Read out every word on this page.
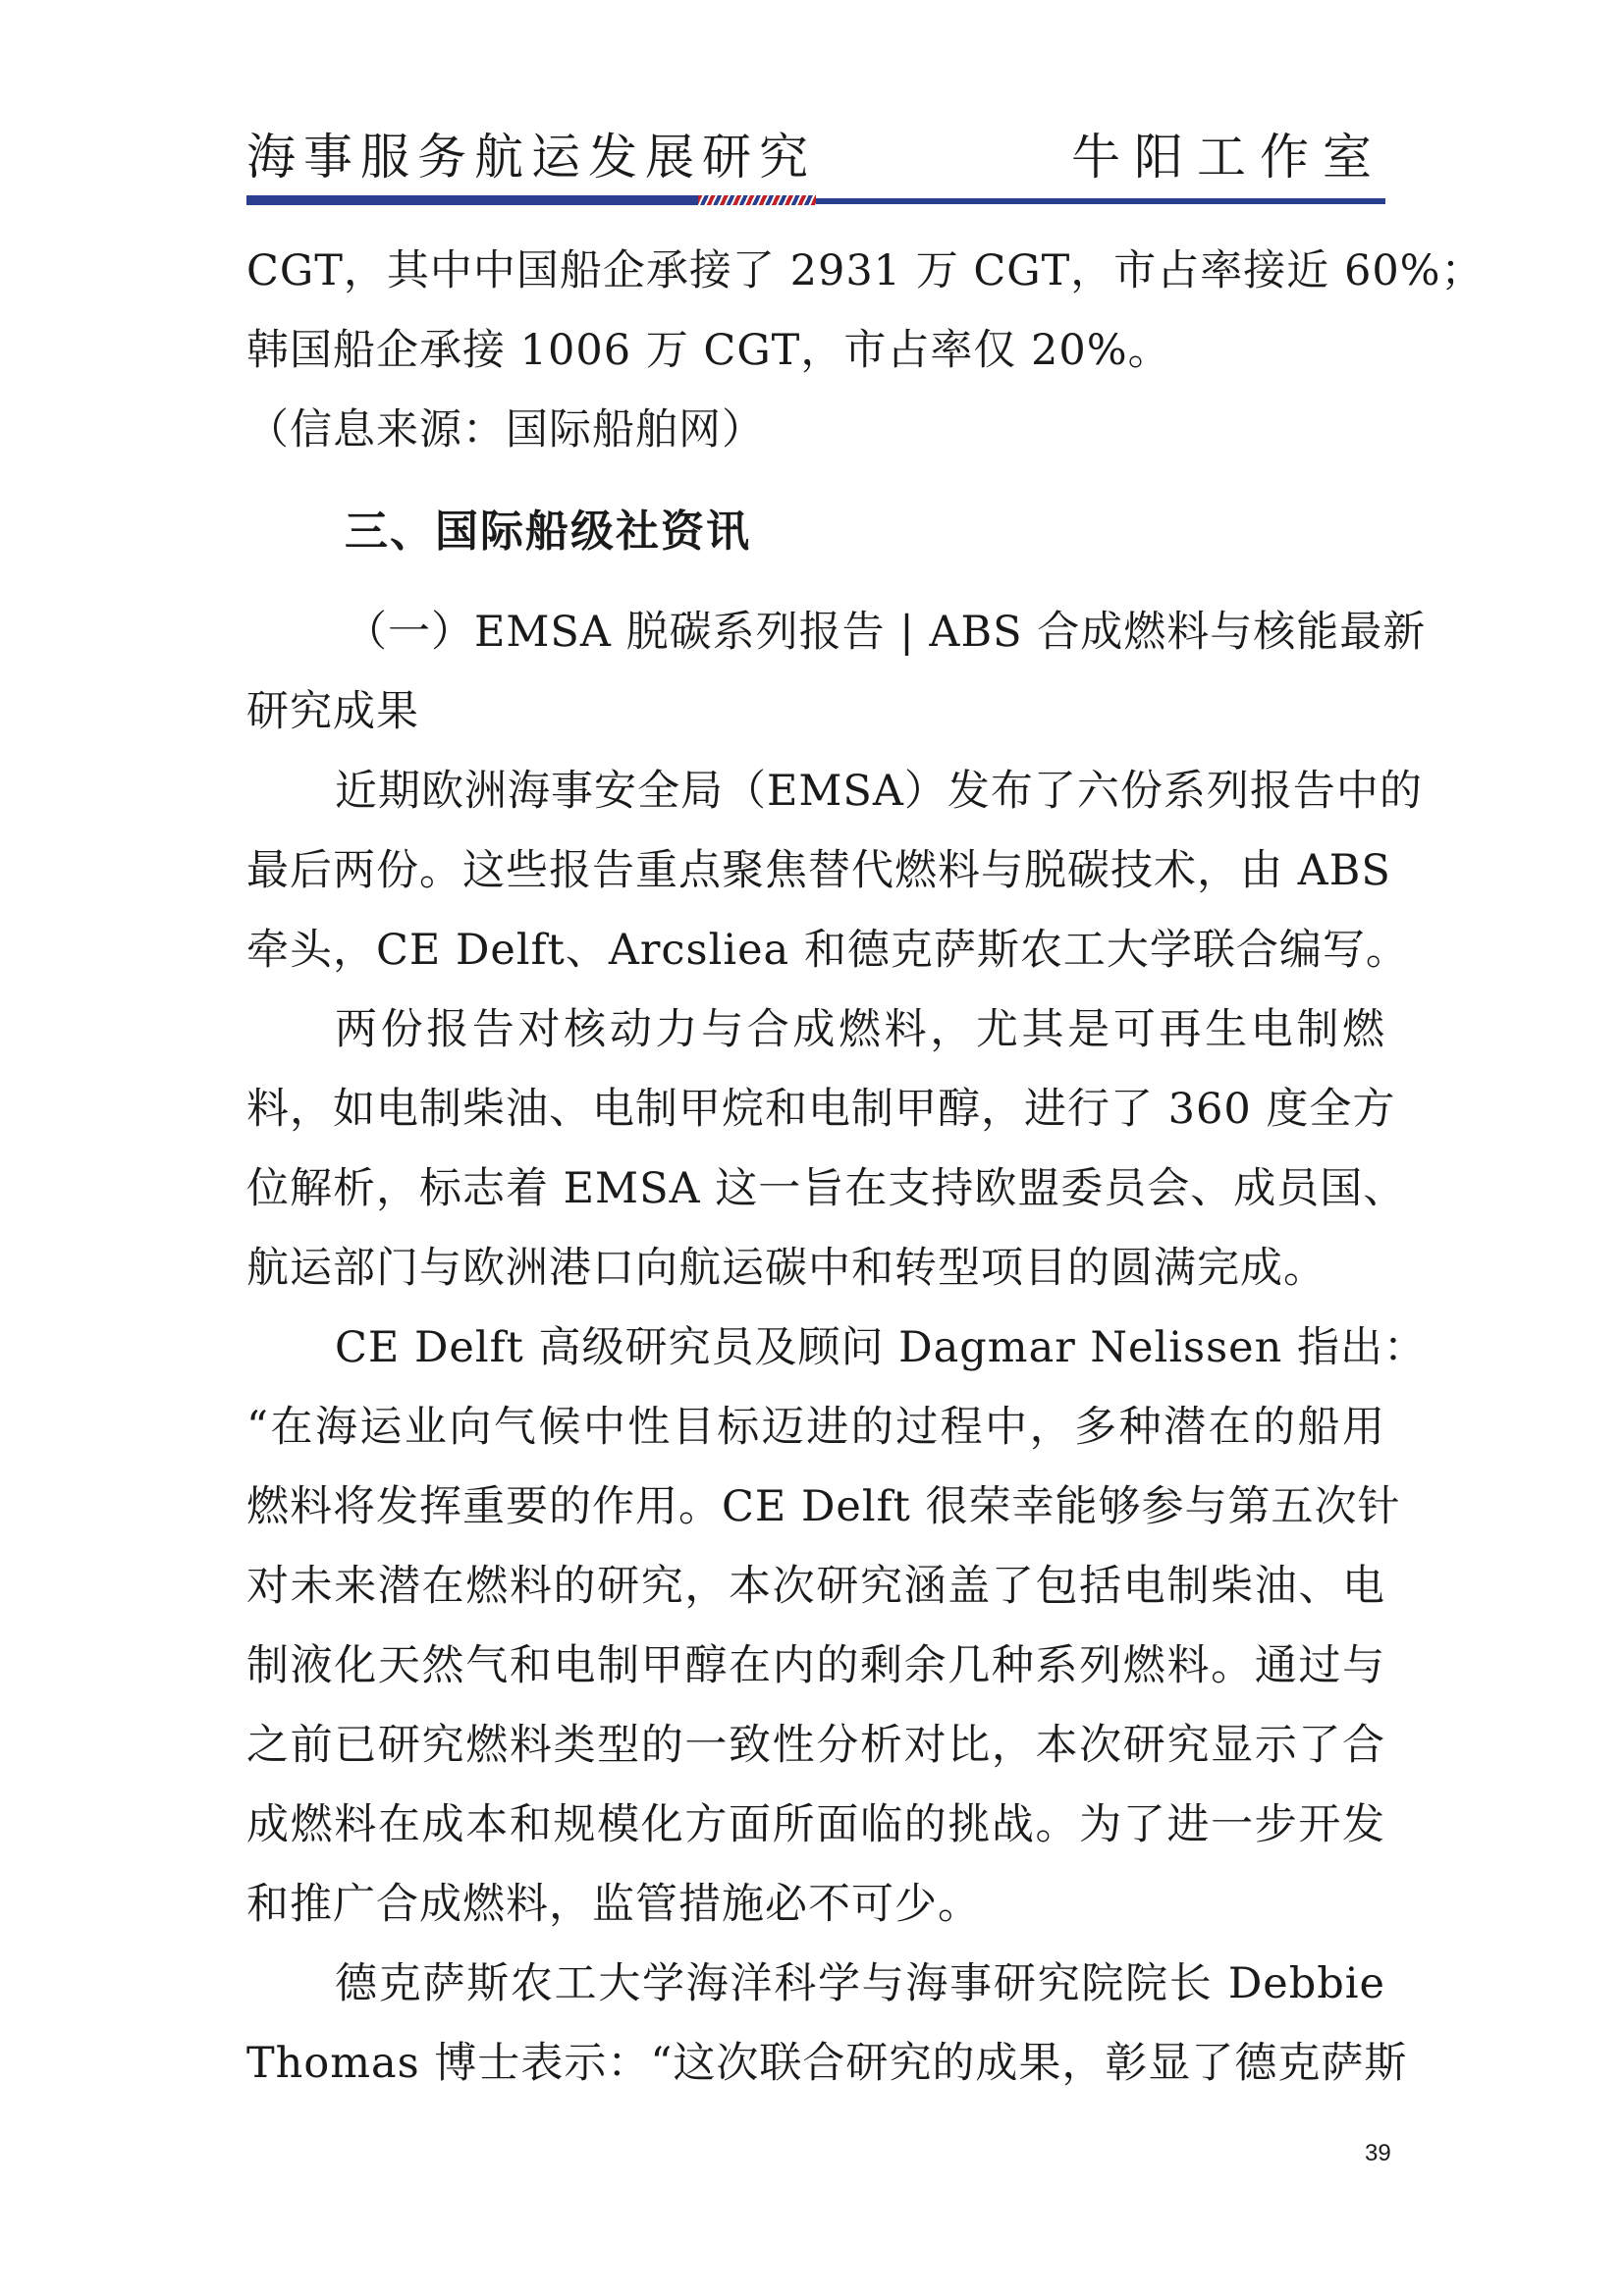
海事服务航运发展研究	牛阳工作室
CGT，其中中国船企承接了 2931 万 CGT，市占率接近 60%；
韩国船企承接 1006 万 CGT，市占率仅 20%。
（信息来源：国际船舶网）
三、国际船级社资讯
（一）EMSA 脱碳系列报告 | ABS 合成燃料与核能最新
研究成果
近期欧洲海事安全局（EMSA）发布了六份系列报告中的
最后两份。这些报告重点聚焦替代燃料与脱碳技术，由 ABS
牵头，CE Delft、Arcsliea 和德克萨斯农工大学联合编写。
两份报告对核动力与合成燃料，尤其是可再生电制燃
料，如电制柴油、电制甲烷和电制甲醇，进行了 360 度全方
位解析，标志着 EMSA 这一旨在支持欧盟委员会、成员国、
航运部门与欧洲港口向航运碳中和转型项目的圆满完成。
CE Delft 高级研究员及顾问 Dagmar Nelissen 指出：
“在海运业向气候中性目标迈进的过程中，多种潜在的船用
燃料将发挥重要的作用。CE Delft 很荣幸能够参与第五次针
对未来潜在燃料的研究，本次研究涵盖了包括电制柴油、电
制液化天然气和电制甲醇在内的剩余几种系列燃料。通过与
之前已研究燃料类型的一致性分析对比，本次研究显示了合
成燃料在成本和规模化方面所面临的挑战。为了进一步开发
和推广合成燃料，监管措施必不可少。
德克萨斯农工大学海洋科学与海事研究院院长 Debbie
Thomas 博士表示：“这次联合研究的成果，彰显了德克萨斯
39
